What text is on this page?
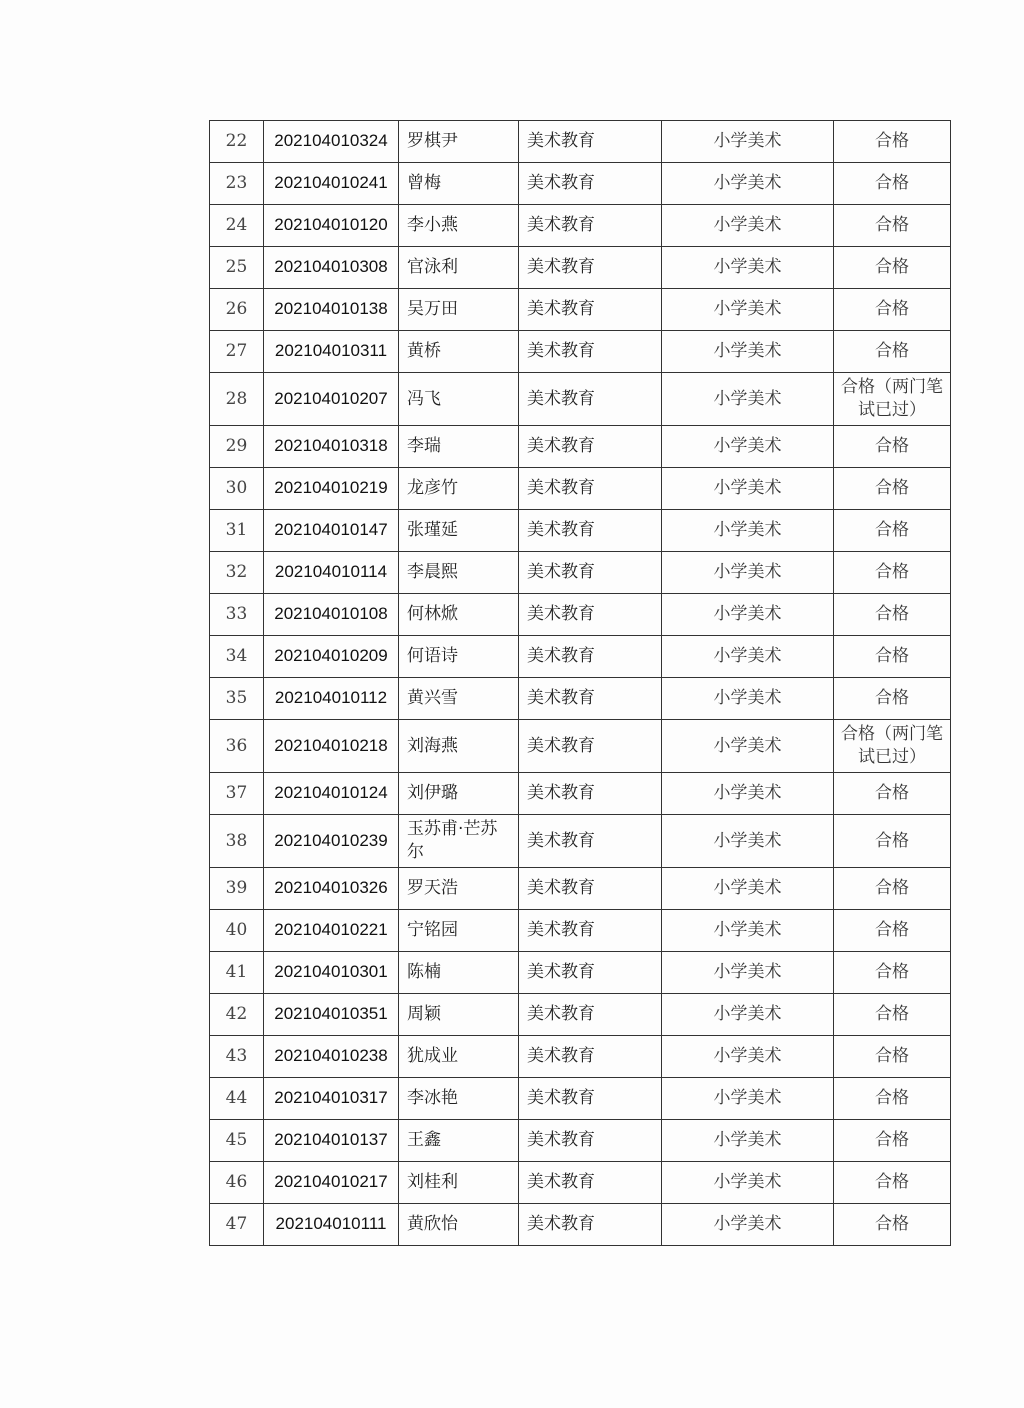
22	202104010324	罗棋尹	美术教育	小学美术	合格
23	202104010241	曾梅	美术教育	小学美术	合格
24	202104010120	李小燕	美术教育	小学美术	合格
25	202104010308	官泳利	美术教育	小学美术	合格
26	202104010138	吴万田	美术教育	小学美术	合格
27	202104010311	黄桥	美术教育	小学美术	合格
28	202104010207	冯飞	美术教育	小学美术	合格（两门笔试已过）
29	202104010318	李瑞	美术教育	小学美术	合格
30	202104010219	龙彦竹	美术教育	小学美术	合格
31	202104010147	张瑾延	美术教育	小学美术	合格
32	202104010114	李晨熙	美术教育	小学美术	合格
33	202104010108	何林焮	美术教育	小学美术	合格
34	202104010209	何语诗	美术教育	小学美术	合格
35	202104010112	黄兴雪	美术教育	小学美术	合格
36	202104010218	刘海燕	美术教育	小学美术	合格（两门笔试已过）
37	202104010124	刘伊璐	美术教育	小学美术	合格
38	202104010239	玉苏甫·芒苏尔	美术教育	小学美术	合格
39	202104010326	罗天浩	美术教育	小学美术	合格
40	202104010221	宁铭园	美术教育	小学美术	合格
41	202104010301	陈楠	美术教育	小学美术	合格
42	202104010351	周颖	美术教育	小学美术	合格
43	202104010238	犹成业	美术教育	小学美术	合格
44	202104010317	李冰艳	美术教育	小学美术	合格
45	202104010137	王鑫	美术教育	小学美术	合格
46	202104010217	刘桂利	美术教育	小学美术	合格
47	202104010111	黄欣怡	美术教育	小学美术	合格
